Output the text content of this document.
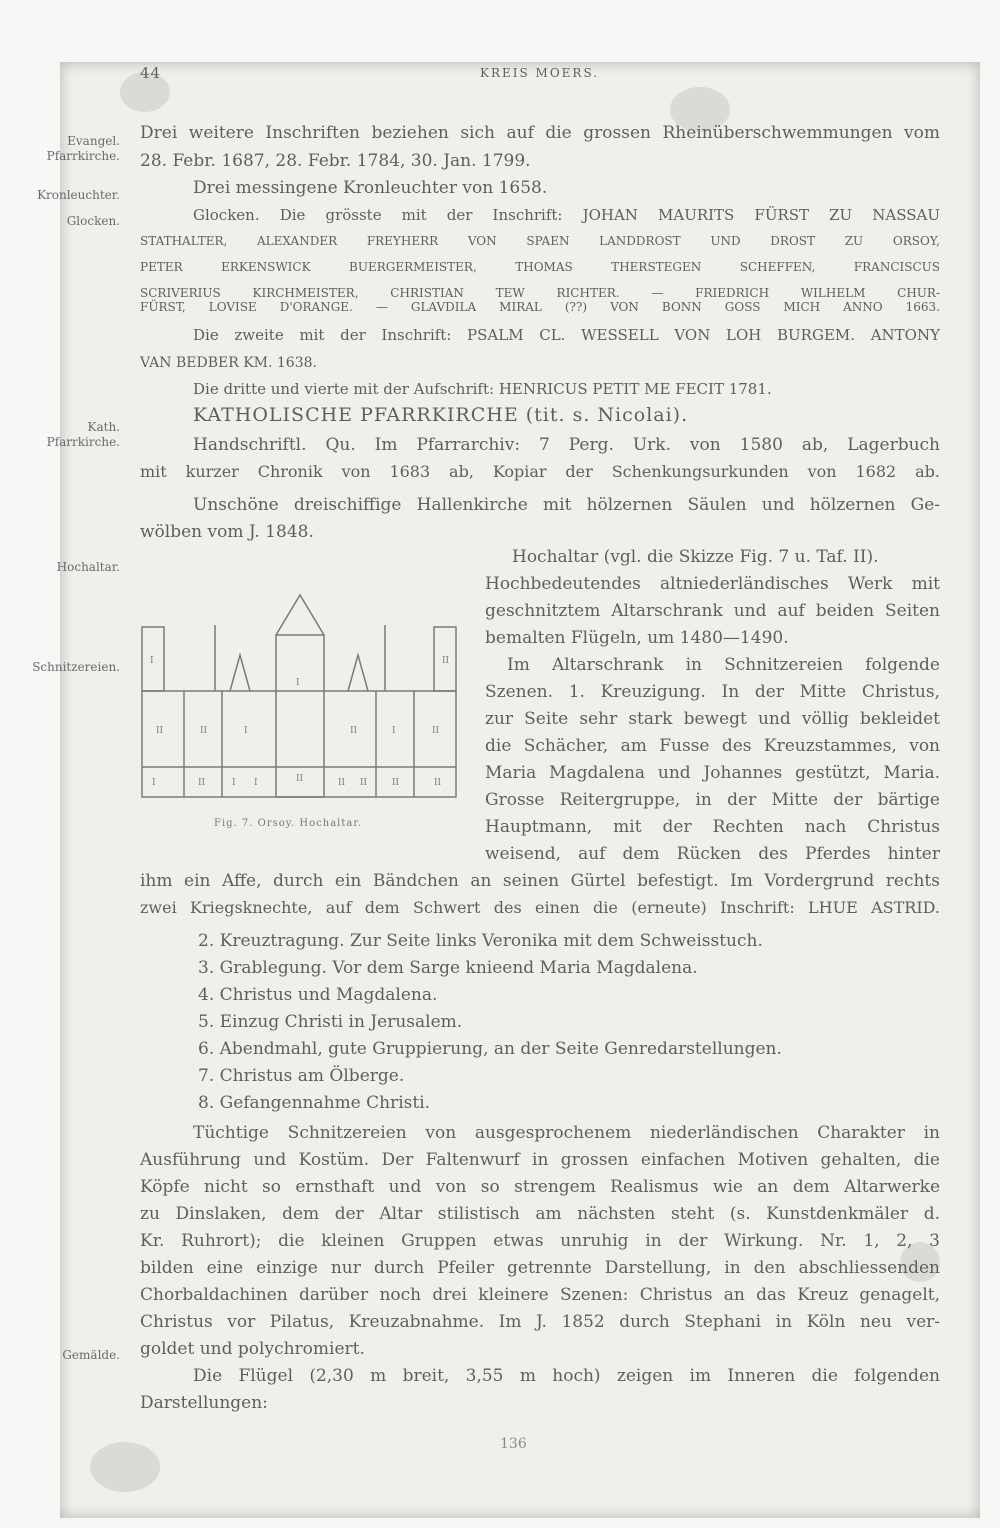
44	KREIS MOERS.
Evangel.
Pfarrkirche.
Kronleuchter.
Glocken.
Kath.
Pfarrkirche.
Hochaltar.
Schnitzereien.
Gemälde.
Drei weitere Inschriften beziehen sich auf die grossen Rheinüberschwemmungen vom
28. Febr. 1687, 28. Febr. 1784, 30. Jan. 1799.
Drei messingene Kronleuchter von 1658.
Glocken. Die grösste mit der Inschrift: JOHAN MAURITS FÜRST ZU NASSAU
STATHALTER, ALEXANDER FREYHERR VON SPAEN LANDDROST UND DROST ZU ORSOY,
PETER ERKENSWICK BUERGERMEISTER, THOMAS THERSTEGEN SCHEFFEN, FRANCISCUS
SCRIVERIUS KIRCHMEISTER, CHRISTIAN TEW RICHTER. — FRIEDRICH WILHELM CHUR-
FÜRST, LOVISE D'ORANGE. — GLAVDILA MIRAL (??) VON BONN GOSS MICH ANNO 1663.
Die zweite mit der Inschrift: PSALM CL. WESSELL VON LOH BURGEM. ANTONY
VAN BEDBER KM. 1638.
Die dritte und vierte mit der Aufschrift: HENRICUS PETIT ME FECIT 1781.
KATHOLISCHE PFARRKIRCHE (tit. s. Nicolai).
Handschriftl. Qu. Im Pfarrarchiv: 7 Perg. Urk. von 1580 ab, Lagerbuch
mit kurzer Chronik von 1683 ab, Kopiar der Schenkungsurkunden von 1682 ab.
Unschöne dreischiffige Hallenkirche mit hölzernen Säulen und hölzernen Ge-
wölben vom J. 1848.
Hochaltar (vgl. die Skizze Fig. 7 u. Taf. II).
Hochbedeutendes altniederländisches Werk mit
geschnitztem Altarschrank und auf beiden Seiten
bemalten Flügeln, um 1480—1490.
Im Altarschrank in Schnitzereien folgende
Szenen. 1. Kreuzigung. In der Mitte Christus,
zur Seite sehr stark bewegt und völlig bekleidet
die Schächer, am Fusse des Kreuzstammes, von
Maria Magdalena und Johannes gestützt, Maria.
Grosse Reitergruppe, in der Mitte der bärtige
Hauptmann, mit der Rechten nach Christus
weisend, auf dem Rücken des Pferdes hinter
ihm ein Affe, durch ein Bändchen an seinen Gürtel befestigt. Im Vordergrund rechts
zwei Kriegsknechte, auf dem Schwert des einen die (erneute) Inschrift: LHUE ASTRID.
2. Kreuztragung. Zur Seite links Veronika mit dem Schweisstuch.
3. Grablegung. Vor dem Sarge knieend Maria Magdalena.
4. Christus und Magdalena.
5. Einzug Christi in Jerusalem.
6. Abendmahl, gute Gruppierung, an der Seite Genredarstellungen.
7. Christus am Ölberge.
8. Gefangennahme Christi.
Tüchtige Schnitzereien von ausgesprochenem niederländischen Charakter in
Ausführung und Kostüm. Der Faltenwurf in grossen einfachen Motiven gehalten, die
Köpfe nicht so ernsthaft und von so strengem Realismus wie an dem Altarwerke
zu Dinslaken, dem der Altar stilistisch am nächsten steht (s. Kunstdenkmäler d.
Kr. Ruhrort); die kleinen Gruppen etwas unruhig in der Wirkung. Nr. 1, 2, 3
bilden eine einzige nur durch Pfeiler getrennte Darstellung, in den abschliessenden
Chorbaldachinen darüber noch drei kleinere Szenen: Christus an das Kreuz genagelt,
Christus vor Pilatus, Kreuzabnahme. Im J. 1852 durch Stephani in Köln neu ver-
goldet und polychromiert.
Die Flügel (2,30 m breit, 3,55 m hoch) zeigen im Inneren die folgenden
Darstellungen:
I
I
II
II	II	I	II	I	II
I	II	I I	II	II II	II	II
Fig. 7. Orsoy. Hochaltar.
136
